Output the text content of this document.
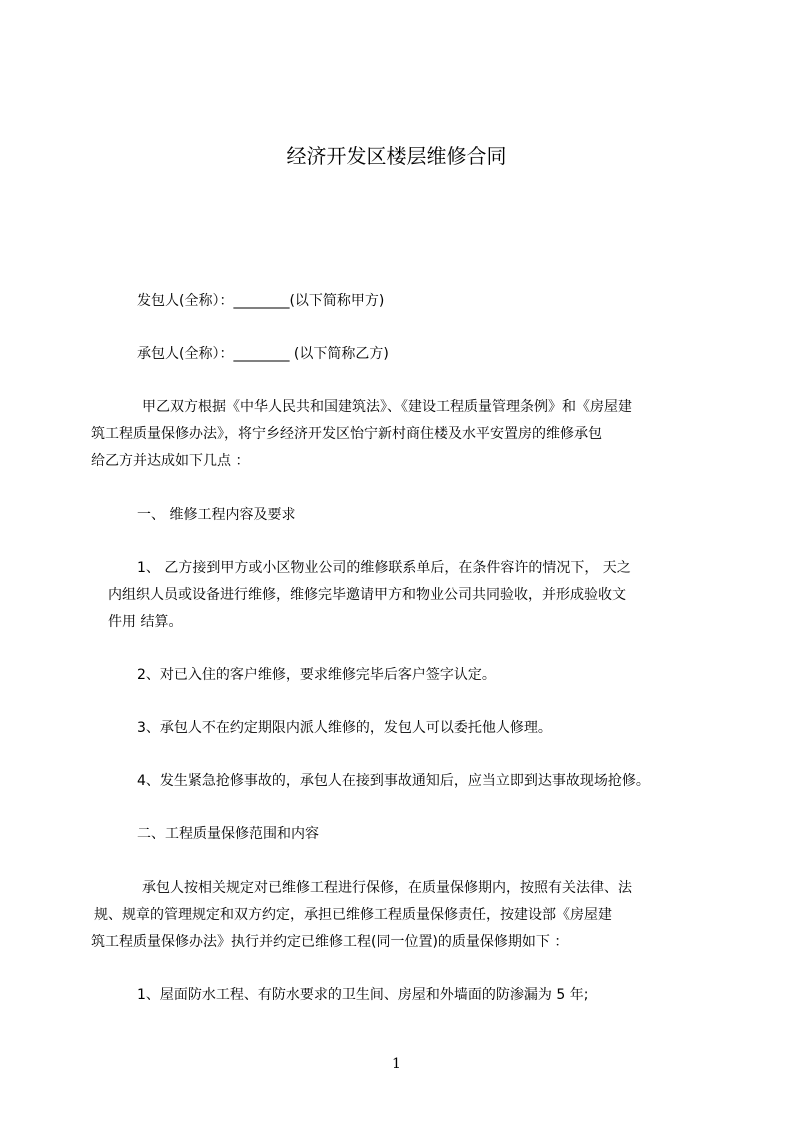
经济开发区楼层维修合同
发包人(全称）：________(以下简称甲方)
承包人(全称）：________ (以下简称乙方)
甲乙双方根据《中华人民共和国建筑法》、《建设工程质量管理条例》和《房屋建
筑工程质量保修办法》，将宁乡经济开发区怡宁新村商住楼及水平安置房的维修承包
给乙方并达成如下几点 ：
一、 维修工程内容及要求
1、 乙方接到甲方或小区物业公司的维修联系单后，在条件容许的情况下， 天之
内组织人员或设备进行维修，维修完毕邀请甲方和物业公司共同验收，并形成验收文
件用 结算。
2、对已入住的客户维修，要求维修完毕后客户签字认定。
3、承包人不在约定期限内派人维修的，发包人可以委托他人修理。
4、发生紧急抢修事故的，承包人在接到事故通知后，应当立即到达事故现场抢修。
二、工程质量保修范围和内容
承包人按相关规定对已维修工程进行保修，在质量保修期内，按照有关法律、法
规、规章的管理规定和双方约定，承担已维修工程质量保修责任，按建设部《房屋建
筑工程质量保修办法》执行并约定已维修工程(同一位置)的质量保修期如下 ：
1、屋面防水工程、有防水要求的卫生间、房屋和外墙面的防渗漏为 5 年;
1
